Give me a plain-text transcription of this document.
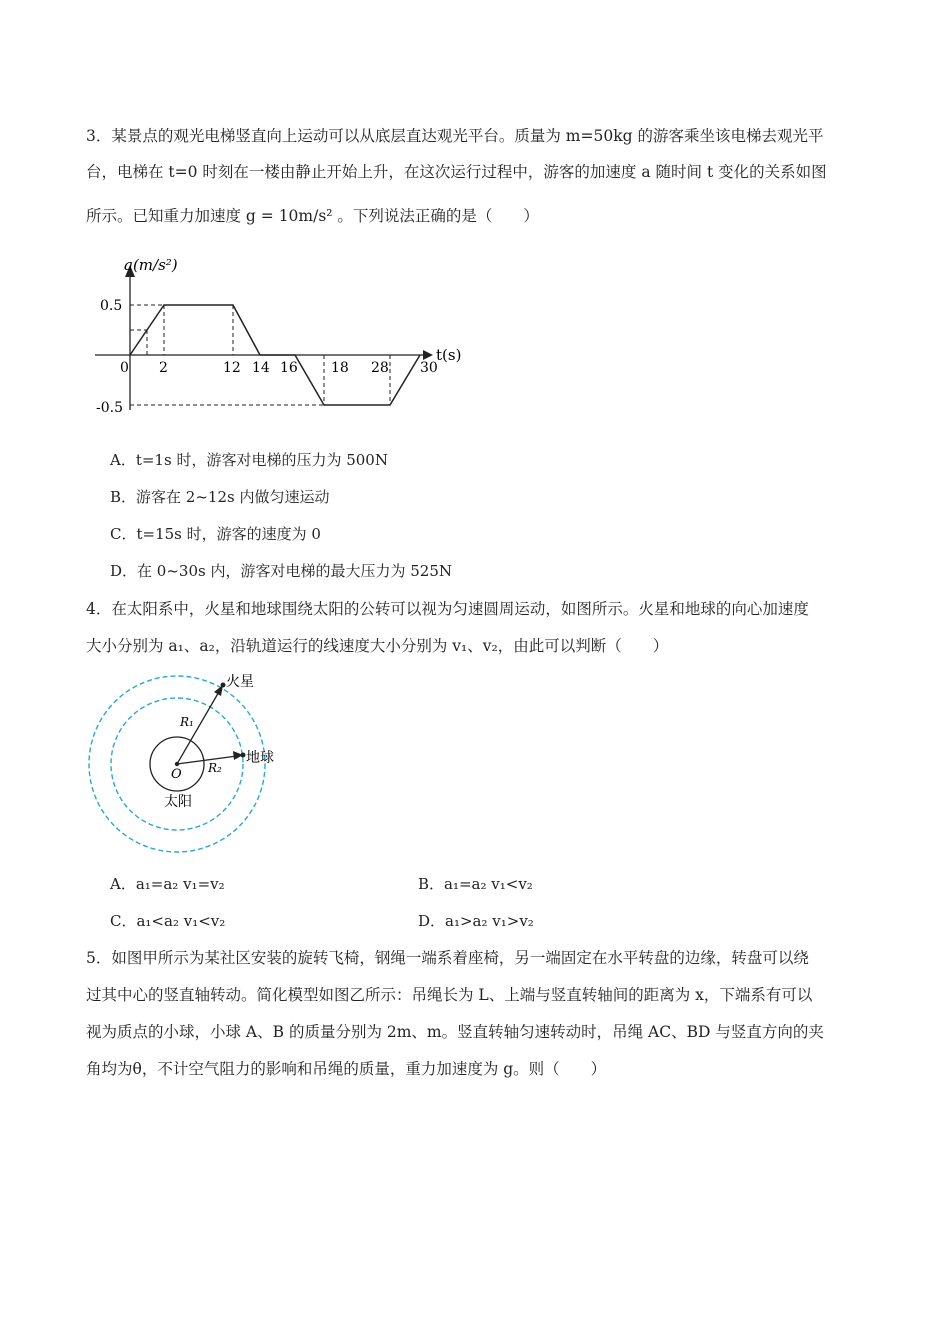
3．某景点的观光电梯竖直向上运动可以从底层直达观光平台。质量为 m=50kg 的游客乘坐该电梯去观光平
台，电梯在 t=0 时刻在一楼由静止开始上升，在这次运行过程中，游客的加速度 a 随时间 t 变化的关系如图
所示。已知重力加速度 g = 10m/s² 。下列说法正确的是（　　）
a(m/s²)
t(s)
0.5
-0.5
0 2	12 14 16 18 28 30
A．t=1s 时，游客对电梯的压力为 500N
B．游客在 2~12s 内做匀速运动
C．t=15s 时，游客的速度为 0
D．在 0~30s 内，游客对电梯的最大压力为 525N
4．在太阳系中，火星和地球围绕太阳的公转可以视为匀速圆周运动，如图所示。火星和地球的向心加速度
大小分别为 a₁、a₂，沿轨道运行的线速度大小分别为 v₁、v₂，由此可以判断（　　）
火星
地球
太阳
O
R₁
R₂
A．a₁=a₂ v₁=v₂	B．a₁=a₂ v₁<v₂
C．a₁<a₂ v₁<v₂	D．a₁>a₂ v₁>v₂
5．如图甲所示为某社区安装的旋转飞椅，钢绳一端系着座椅，另一端固定在水平转盘的边缘，转盘可以绕
过其中心的竖直轴转动。简化模型如图乙所示：吊绳长为 L、上端与竖直转轴间的距离为 x，下端系有可以
视为质点的小球，小球 A、B 的质量分别为 2m、m。竖直转轴匀速转动时，吊绳 AC、BD 与竖直方向的夹
角均为θ，不计空气阻力的影响和吊绳的质量，重力加速度为 g。则（　　）
